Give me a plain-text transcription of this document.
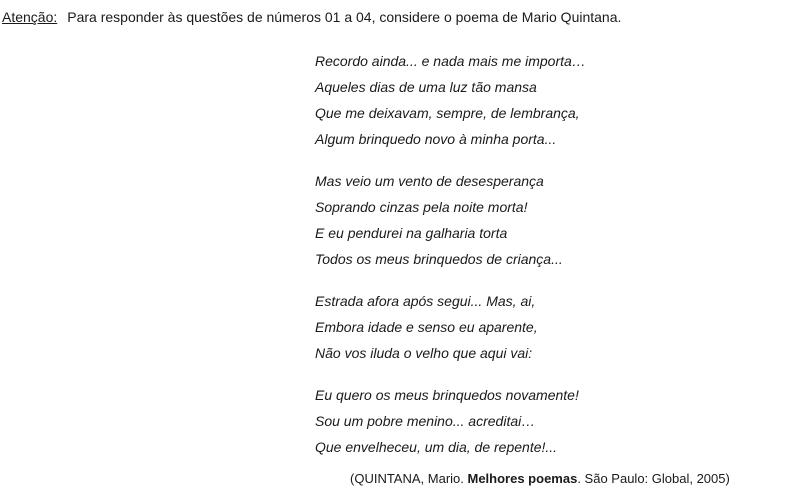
Atenção: Para responder às questões de números 01 a 04, considere o poema de Mario Quintana.
Recordo ainda... e nada mais me importa…
Aqueles dias de uma luz tão mansa
Que me deixavam, sempre, de lembrança,
Algum brinquedo novo à minha porta...
Mas veio um vento de desesperança
Soprando cinzas pela noite morta!
E eu pendurei na galharia torta
Todos os meus brinquedos de criança...
Estrada afora após segui... Mas, ai,
Embora idade e senso eu aparente,
Não vos iluda o velho que aqui vai:
Eu quero os meus brinquedos novamente!
Sou um pobre menino... acreditai…
Que envelheceu, um dia, de repente!...
(QUINTANA, Mario. Melhores poemas. São Paulo: Global, 2005)
